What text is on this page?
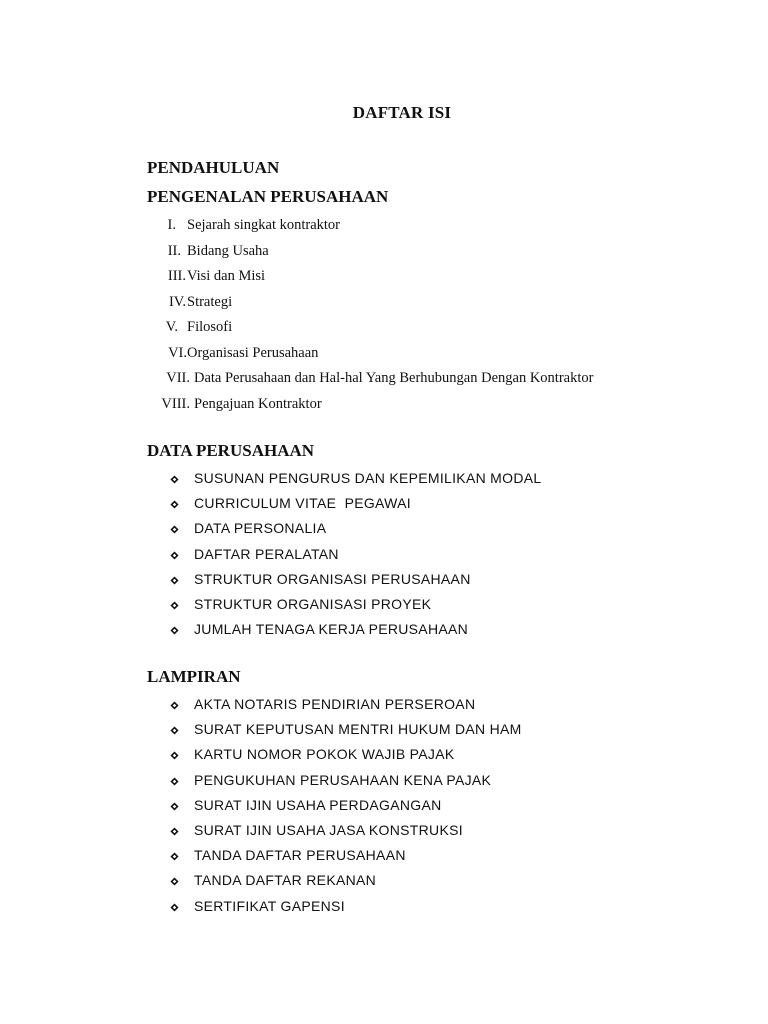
DAFTAR ISI
PENDAHULUAN
PENGENALAN PERUSAHAAN
I. Sejarah singkat kontraktor
II. Bidang Usaha
III. Visi dan Misi
IV. Strategi
V. Filosofi
VI. Organisasi Perusahaan
VII. Data Perusahaan dan Hal-hal Yang Berhubungan Dengan Kontraktor
VIII. Pengajuan Kontraktor
DATA PERUSAHAAN
SUSUNAN PENGURUS DAN KEPEMILIKAN MODAL
CURRICULUM VITAE  PEGAWAI
DATA PERSONALIA
DAFTAR PERALATAN
STRUKTUR ORGANISASI PERUSAHAAN
STRUKTUR ORGANISASI PROYEK
JUMLAH TENAGA KERJA PERUSAHAAN
LAMPIRAN
AKTA NOTARIS PENDIRIAN PERSEROAN
SURAT KEPUTUSAN MENTRI HUKUM DAN HAM
KARTU NOMOR POKOK WAJIB PAJAK
PENGUKUHAN PERUSAHAAN KENA PAJAK
SURAT IJIN USAHA PERDAGANGAN
SURAT IJIN USAHA JASA KONSTRUKSI
TANDA DAFTAR PERUSAHAAN
TANDA DAFTAR REKANAN
SERTIFIKAT GAPENSI
